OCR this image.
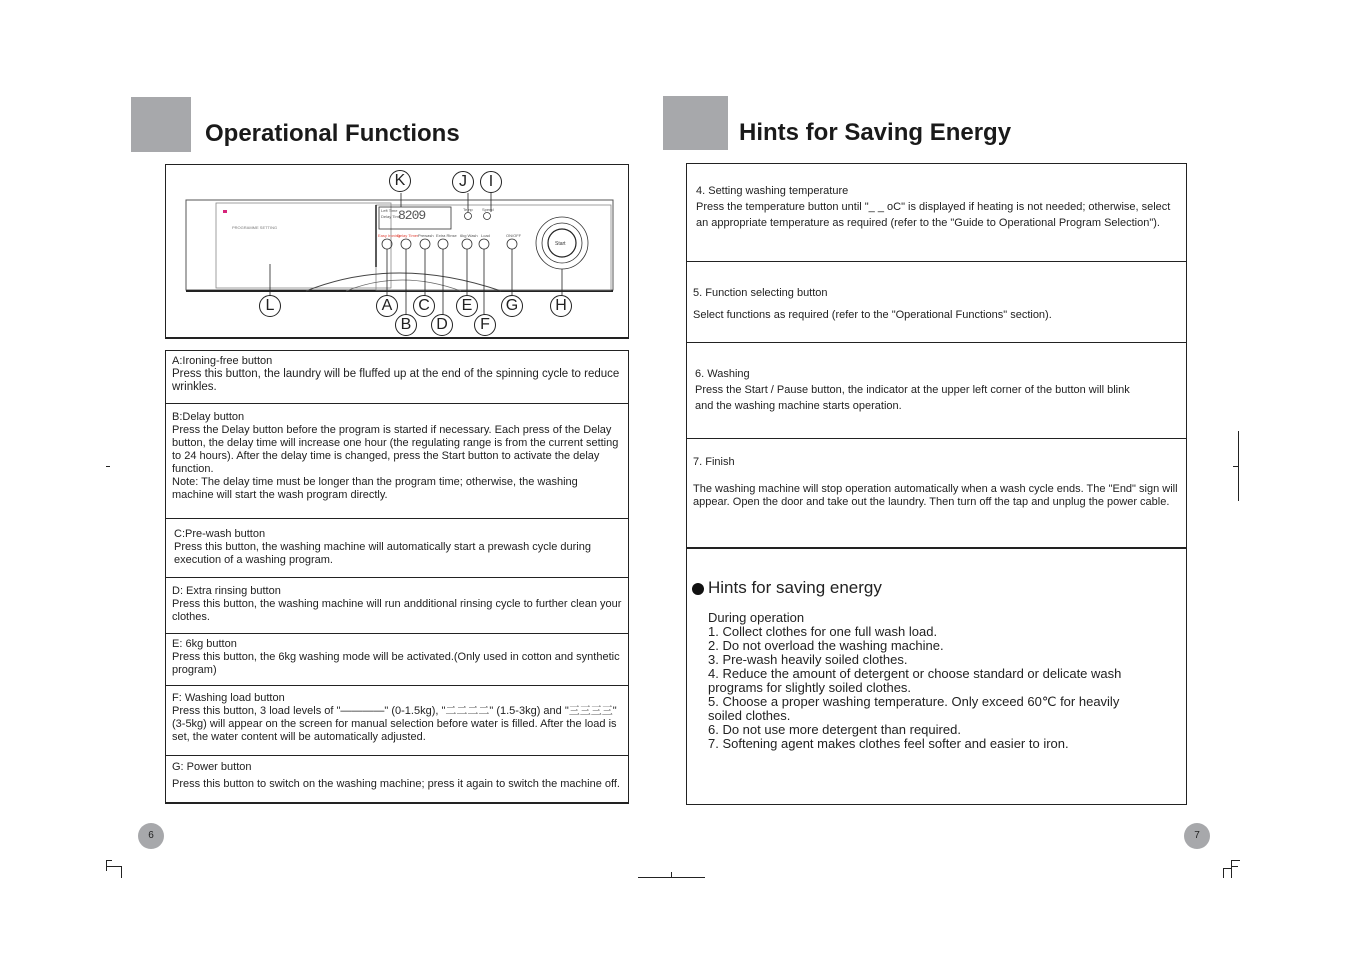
Operational Functions
8209
Left Time
Delay Time
PROGRAMME SETTING
Easy Ironing
Delay Timer Prewash Extra Rinse 6kg Wash Load	ON/OFF
Temp Speed
Start
K	J	I
L	A
B
C
D
E
F
G	H
A:Ironing-free button
Press this button, the laundry will be fluffed up at the end of the spinning cycle to reduce wrinkles.
B:Delay button
Press the Delay button before the program is started if necessary. Each press of the Delay button, the delay time will increase one hour (the regulating range is from the current setting to 24 hours). After the delay time is changed, press the Start button to activate the delay function.
Note: The delay time must be longer than the program time; otherwise, the washing machine will start the wash program directly.
C:Pre-wash button
Press this button, the washing machine will automatically start a prewash cycle during execution of a washing program.
D: Extra rinsing button
Press this button, the washing machine will run andditional rinsing cycle to further clean your clothes.
E: 6kg button
Press this button, the 6kg washing mode will be activated.(Only used in cotton and synthetic program)
F: Washing load button
Press this button, 3 load levels of "————" (0-1.5kg), "二二二二" (1.5-3kg) and "三三三三" (3-5kg) will appear on the screen for manual selection before water is filled. After the load is set, the water content will be automatically adjusted.
G: Power button
Press this button to switch on the washing machine; press it again to switch the machine off.
6
Hints for Saving Energy
4. Setting washing temperature
Press the temperature button until "_ _ oC" is displayed if heating is not needed; otherwise, select
an appropriate temperature as required (refer to the "Guide to Operational Program Selection").
5. Function selecting button
Select functions as required (refer to the "Operational Functions" section).
6. Washing
Press the Start / Pause button, the indicator at the upper left corner of the button will blink
and the washing machine starts operation.
7. Finish
The washing machine will stop operation automatically when a wash cycle ends. The "End" sign will
appear. Open the door and take out the laundry. Then turn off the tap and unplug the power cable.
Hints for saving energy
During operation
1. Collect clothes for one full wash load.
2. Do not overload the washing machine.
3. Pre-wash heavily soiled clothes.
4. Reduce the amount of detergent or choose standard or delicate wash
programs for slightly soiled clothes.
5. Choose a proper washing temperature. Only exceed 60℃ for heavily
soiled clothes.
6. Do not use more detergent than required.
7. Softening agent makes clothes feel softer and easier to iron.
7
